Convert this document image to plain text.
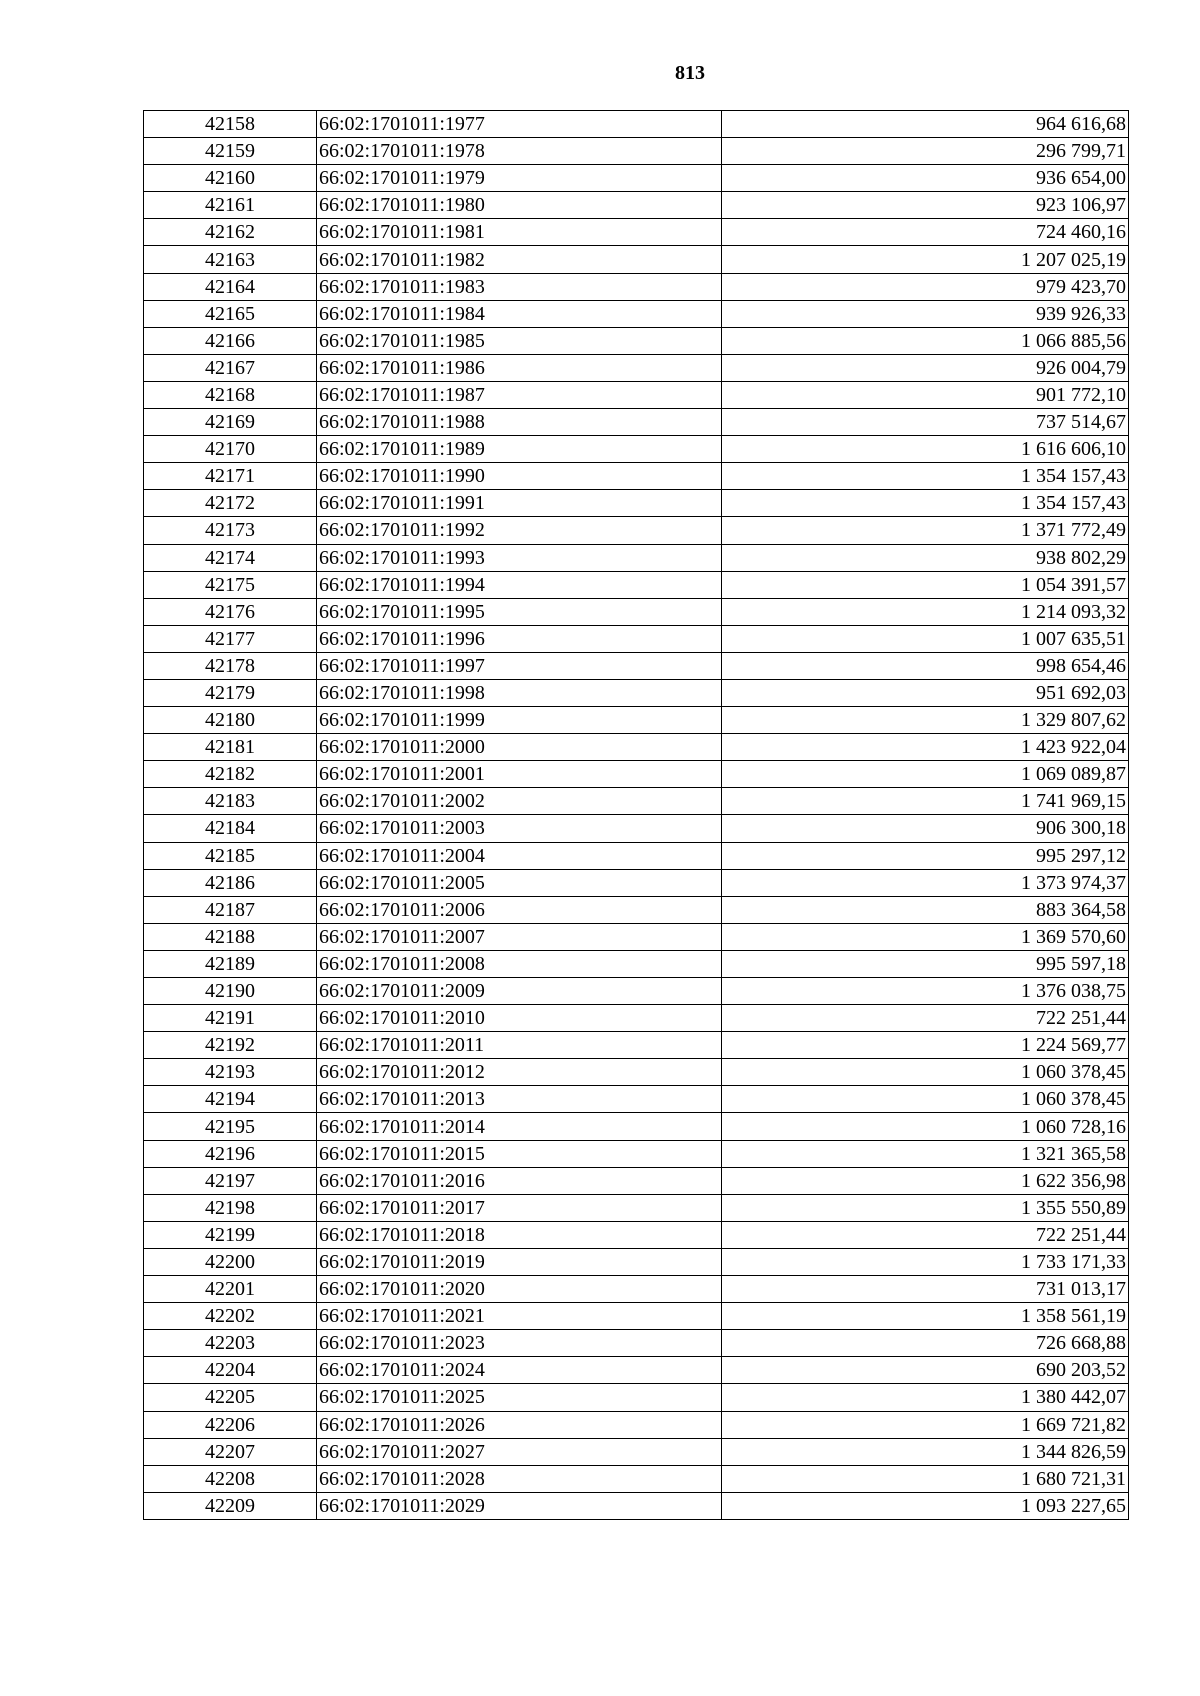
813
42158	66:02:1701011:1977	964 616,68
42159	66:02:1701011:1978	296 799,71
42160	66:02:1701011:1979	936 654,00
42161	66:02:1701011:1980	923 106,97
42162	66:02:1701011:1981	724 460,16
42163	66:02:1701011:1982	1 207 025,19
42164	66:02:1701011:1983	979 423,70
42165	66:02:1701011:1984	939 926,33
42166	66:02:1701011:1985	1 066 885,56
42167	66:02:1701011:1986	926 004,79
42168	66:02:1701011:1987	901 772,10
42169	66:02:1701011:1988	737 514,67
42170	66:02:1701011:1989	1 616 606,10
42171	66:02:1701011:1990	1 354 157,43
42172	66:02:1701011:1991	1 354 157,43
42173	66:02:1701011:1992	1 371 772,49
42174	66:02:1701011:1993	938 802,29
42175	66:02:1701011:1994	1 054 391,57
42176	66:02:1701011:1995	1 214 093,32
42177	66:02:1701011:1996	1 007 635,51
42178	66:02:1701011:1997	998 654,46
42179	66:02:1701011:1998	951 692,03
42180	66:02:1701011:1999	1 329 807,62
42181	66:02:1701011:2000	1 423 922,04
42182	66:02:1701011:2001	1 069 089,87
42183	66:02:1701011:2002	1 741 969,15
42184	66:02:1701011:2003	906 300,18
42185	66:02:1701011:2004	995 297,12
42186	66:02:1701011:2005	1 373 974,37
42187	66:02:1701011:2006	883 364,58
42188	66:02:1701011:2007	1 369 570,60
42189	66:02:1701011:2008	995 597,18
42190	66:02:1701011:2009	1 376 038,75
42191	66:02:1701011:2010	722 251,44
42192	66:02:1701011:2011	1 224 569,77
42193	66:02:1701011:2012	1 060 378,45
42194	66:02:1701011:2013	1 060 378,45
42195	66:02:1701011:2014	1 060 728,16
42196	66:02:1701011:2015	1 321 365,58
42197	66:02:1701011:2016	1 622 356,98
42198	66:02:1701011:2017	1 355 550,89
42199	66:02:1701011:2018	722 251,44
42200	66:02:1701011:2019	1 733 171,33
42201	66:02:1701011:2020	731 013,17
42202	66:02:1701011:2021	1 358 561,19
42203	66:02:1701011:2023	726 668,88
42204	66:02:1701011:2024	690 203,52
42205	66:02:1701011:2025	1 380 442,07
42206	66:02:1701011:2026	1 669 721,82
42207	66:02:1701011:2027	1 344 826,59
42208	66:02:1701011:2028	1 680 721,31
42209	66:02:1701011:2029	1 093 227,65
